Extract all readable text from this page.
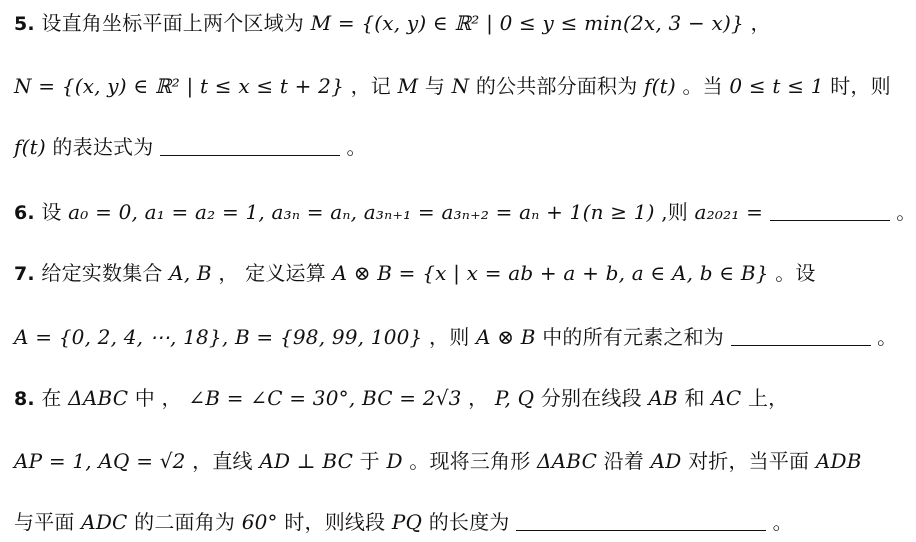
5. 设直角坐标平面上两个区域为 M = {(x, y) ∈ ℝ² | 0 ≤ y ≤ min(2x, 3 − x)} ，
N = {(x, y) ∈ ℝ² | t ≤ x ≤ t + 2} ，记 M 与 N 的公共部分面积为 f(t) 。当 0 ≤ t ≤ 1 时，则
f(t) 的表达式为	。
6. 设 a₀ = 0, a₁ = a₂ = 1, a₃ₙ = aₙ, a₃ₙ₊₁ = a₃ₙ₊₂ = aₙ + 1(n ≥ 1) ,则 a₂₀₂₁ =	。
7. 给定实数集合 A, B ， 定义运算 A ⊗ B = {x | x = ab + a + b, a ∈ A, b ∈ B} 。设
A = {0, 2, 4, ⋯, 18}, B = {98, 99, 100} ，则 A ⊗ B 中的所有元素之和为	。
8. 在 ΔABC 中 ， ∠B = ∠C = 30°, BC = 2√3 ， P, Q 分别在线段 AB 和 AC 上，
AP = 1, AQ = √2 ，直线 AD ⊥ BC 于 D 。现将三角形 ΔABC 沿着 AD 对折，当平面 ADB
与平面 ADC 的二面角为 60° 时，则线段 PQ 的长度为	。
